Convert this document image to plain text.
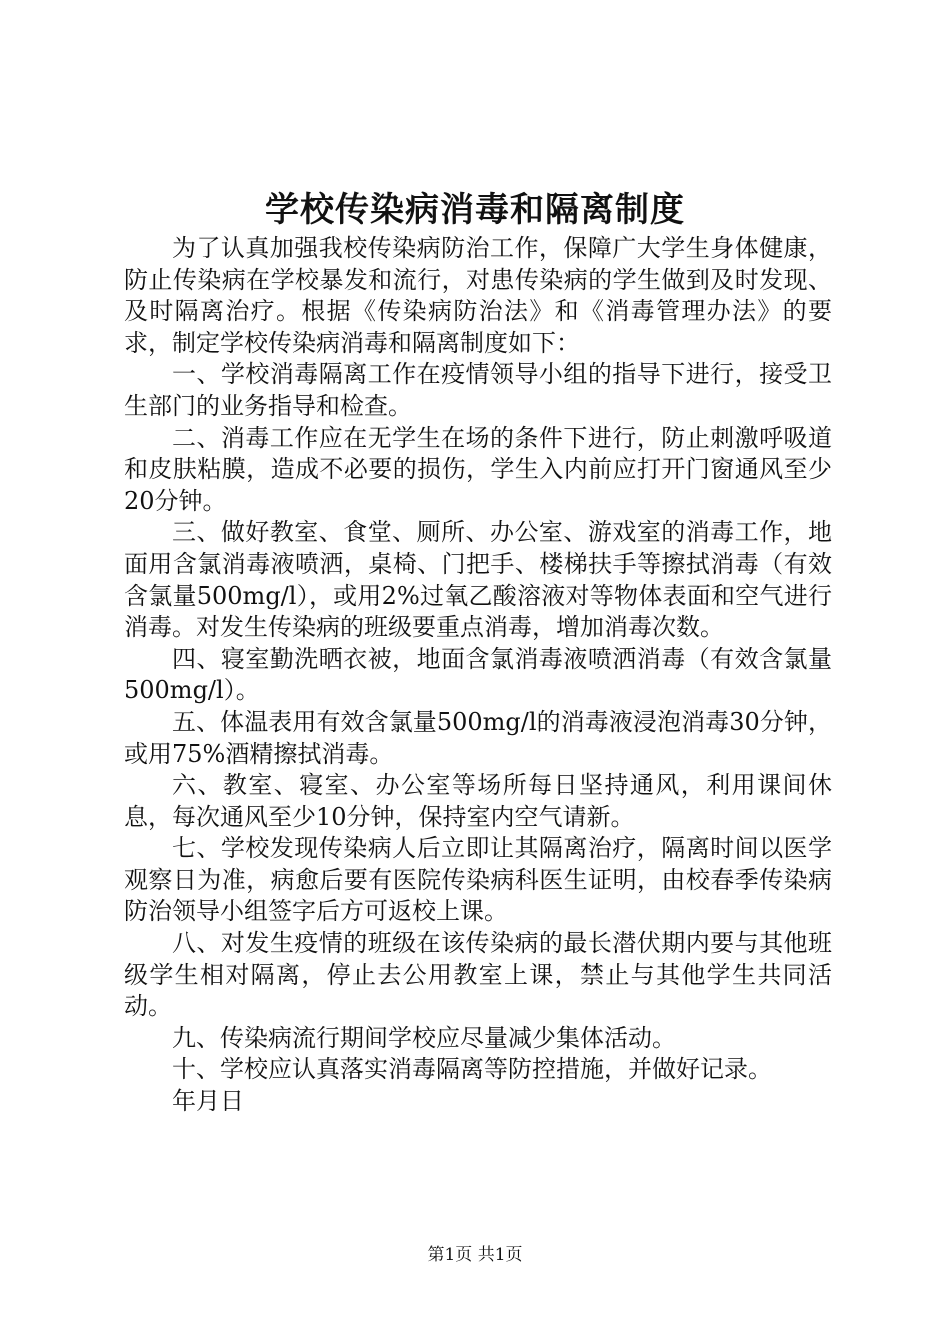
学校传染病消毒和隔离制度

为了认真加强我校传染病防治工作，保障广大学生身体健康，防止传染病在学校暴发和流行，对患传染病的学生做到及时发现、及时隔离治疗。根据《传染病防治法》和《消毒管理办法》的要求，制定学校传染病消毒和隔离制度如下：

一、学校消毒隔离工作在疫情领导小组的指导下进行，接受卫生部门的业务指导和检查。

二、消毒工作应在无学生在场的条件下进行，防止刺激呼吸道和皮肤粘膜，造成不必要的损伤，学生入内前应打开门窗通风至少20分钟。

三、做好教室、食堂、厕所、办公室、游戏室的消毒工作，地面用含氯消毒液喷洒，桌椅、门把手、楼梯扶手等擦拭消毒（有效含氯量500mg/l），或用2%过氧乙酸溶液对等物体表面和空气进行消毒。对发生传染病的班级要重点消毒，增加消毒次数。

四、寝室勤洗晒衣被，地面含氯消毒液喷洒消毒（有效含氯量500mg/l）。

五、体温表用有效含氯量500mg/l的消毒液浸泡消毒30分钟，或用75%酒精擦拭消毒。

六、教室、寝室、办公室等场所每日坚持通风，利用课间休息，每次通风至少10分钟，保持室内空气请新。

七、学校发现传染病人后立即让其隔离治疗，隔离时间以医学观察日为准，病愈后要有医院传染病科医生证明，由校春季传染病防治领导小组签字后方可返校上课。

八、对发生疫情的班级在该传染病的最长潜伏期内要与其他班级学生相对隔离，停止去公用教室上课，禁止与其他学生共同活动。

九、传染病流行期间学校应尽量减少集体活动。

十、学校应认真落实消毒隔离等防控措施，并做好记录。

年月日

第1页 共1页
